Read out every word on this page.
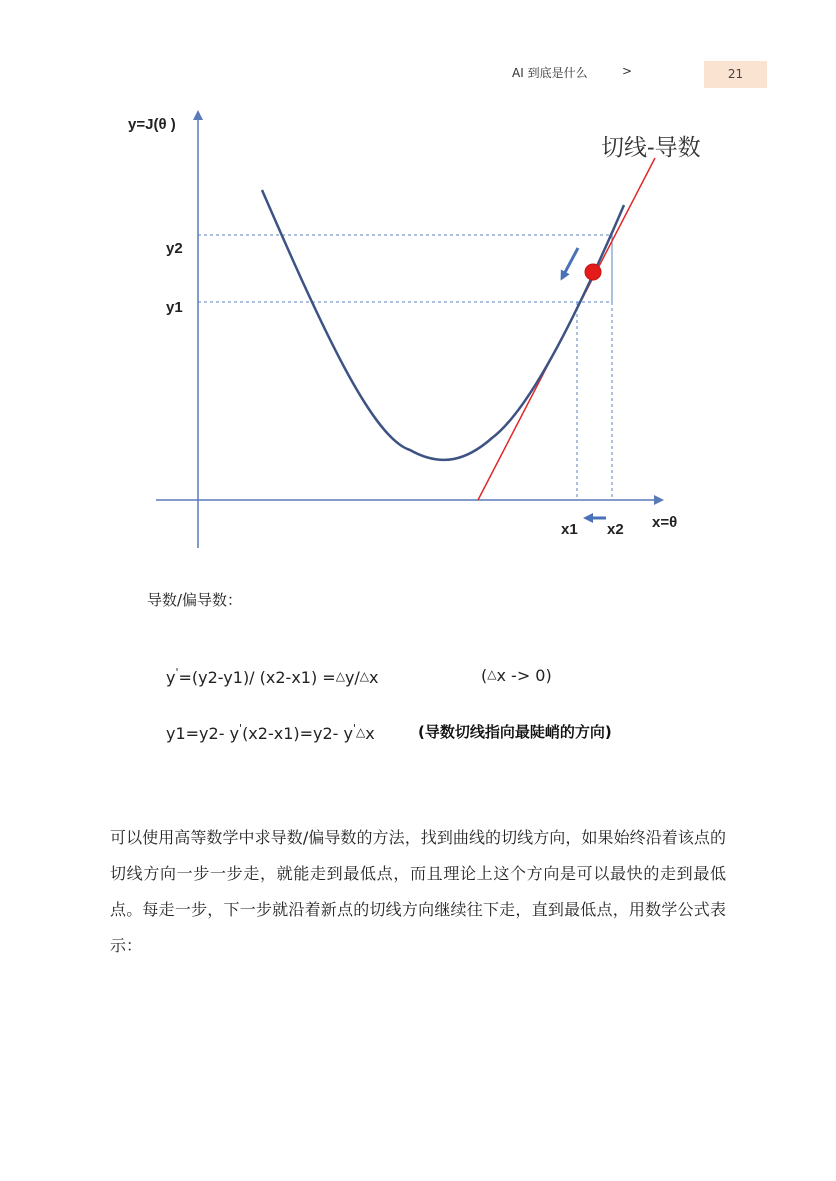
AI 到底是什么	>	21
y=J(θ )
切线-导数
y2
y1
x1 x2 x=θ
导数/偏导数：
y'=(y2-y1)/ (x2-x1) =△y/△x	(△x -> 0)
y1=y2- y'(x2-x1)=y2- y'△x	(导数切线指向最陡峭的方向)
可以使用高等数学中求导数/偏导数的方法，找到曲线的切线方向，如果始终沿着该点的切线方向一步一步走，就能走到最低点，而且理论上这个方向是可以最快的走到最低点。每走一步，下一步就沿着新点的切线方向继续往下走，直到最低点，用数学公式表示：
